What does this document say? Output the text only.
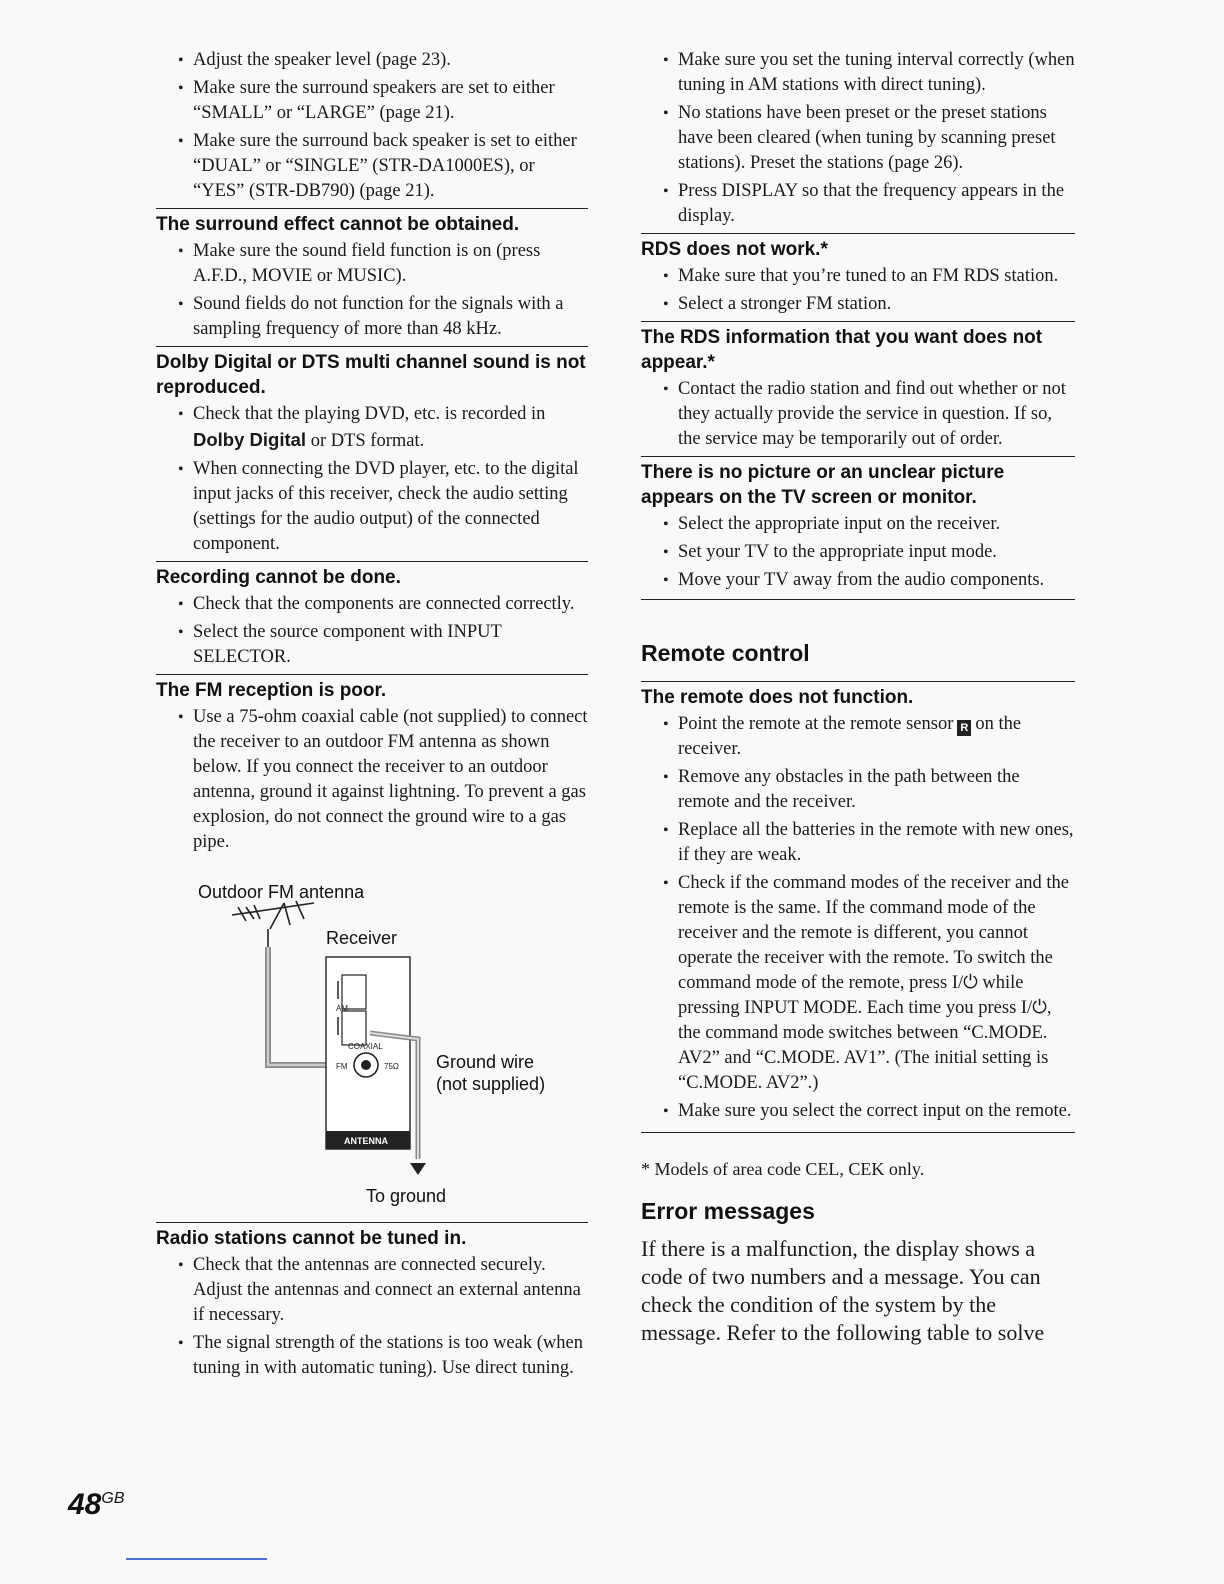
• Adjust the speaker level (page 23).
• Make sure the surround speakers are set to either “SMALL” or “LARGE” (page 21).
• Make sure the surround back speaker is set to either “DUAL” or “SINGLE” (STR-DA1000ES), or “YES” (STR-DB790) (page 21).
The surround effect cannot be obtained.
• Make sure the sound field function is on (press A.F.D., MOVIE or MUSIC).
• Sound fields do not function for the signals with a sampling frequency of more than 48 kHz.
Dolby Digital or DTS multi channel sound is not reproduced.
• Check that the playing DVD, etc. is recorded in Dolby Digital or DTS format.
• When connecting the DVD player, etc. to the digital input jacks of this receiver, check the audio setting (settings for the audio output) of the connected component.
Recording cannot be done.
• Check that the components are connected correctly.
• Select the source component with INPUT SELECTOR.
The FM reception is poor.
• Use a 75-ohm coaxial cable (not supplied) to connect the receiver to an outdoor FM antenna as shown below. If you connect the receiver to an outdoor antenna, ground it against lightning. To prevent a gas explosion, do not connect the ground wire to a gas pipe.
Outdoor FM antenna
Receiver
Ground wire
(not supplied)
To ground
AM
COAXIAL
FM	75Ω
ANTENNA
Radio stations cannot be tuned in.
• Check that the antennas are connected securely. Adjust the antennas and connect an external antenna if necessary.
• The signal strength of the stations is too weak (when tuning in with automatic tuning). Use direct tuning.
• Make sure you set the tuning interval correctly (when tuning in AM stations with direct tuning).
• No stations have been preset or the preset stations have been cleared (when tuning by scanning preset stations). Preset the stations (page 26).
• Press DISPLAY so that the frequency appears in the display.
RDS does not work.*
• Make sure that you’re tuned to an FM RDS station.
• Select a stronger FM station.
The RDS information that you want does not appear.*
• Contact the radio station and find out whether or not they actually provide the service in question. If so, the service may be temporarily out of order.
There is no picture or an unclear picture appears on the TV screen or monitor.
• Select the appropriate input on the receiver.
• Set your TV to the appropriate input mode.
• Move your TV away from the audio components.
Remote control
The remote does not function.
• Point the remote at the remote sensor R on the receiver.
• Remove any obstacles in the path between the remote and the receiver.
• Replace all the batteries in the remote with new ones, if they are weak.
• Check if the command modes of the receiver and the remote is the same. If the command mode of the receiver and the remote is different, you cannot operate the receiver with the remote. To switch the command mode of the remote, press I/⏻ while pressing INPUT MODE. Each time you press I/⏻, the command mode switches between “C.MODE. AV2” and “C.MODE. AV1”. (The initial setting is “C.MODE. AV2”.)
• Make sure you select the correct input on the remote.
* Models of area code CEL, CEK only.
Error messages

If there is a malfunction, the display shows a code of two numbers and a message. You can check the condition of the system by the message. Refer to the following table to solve

$48^{GB}$
